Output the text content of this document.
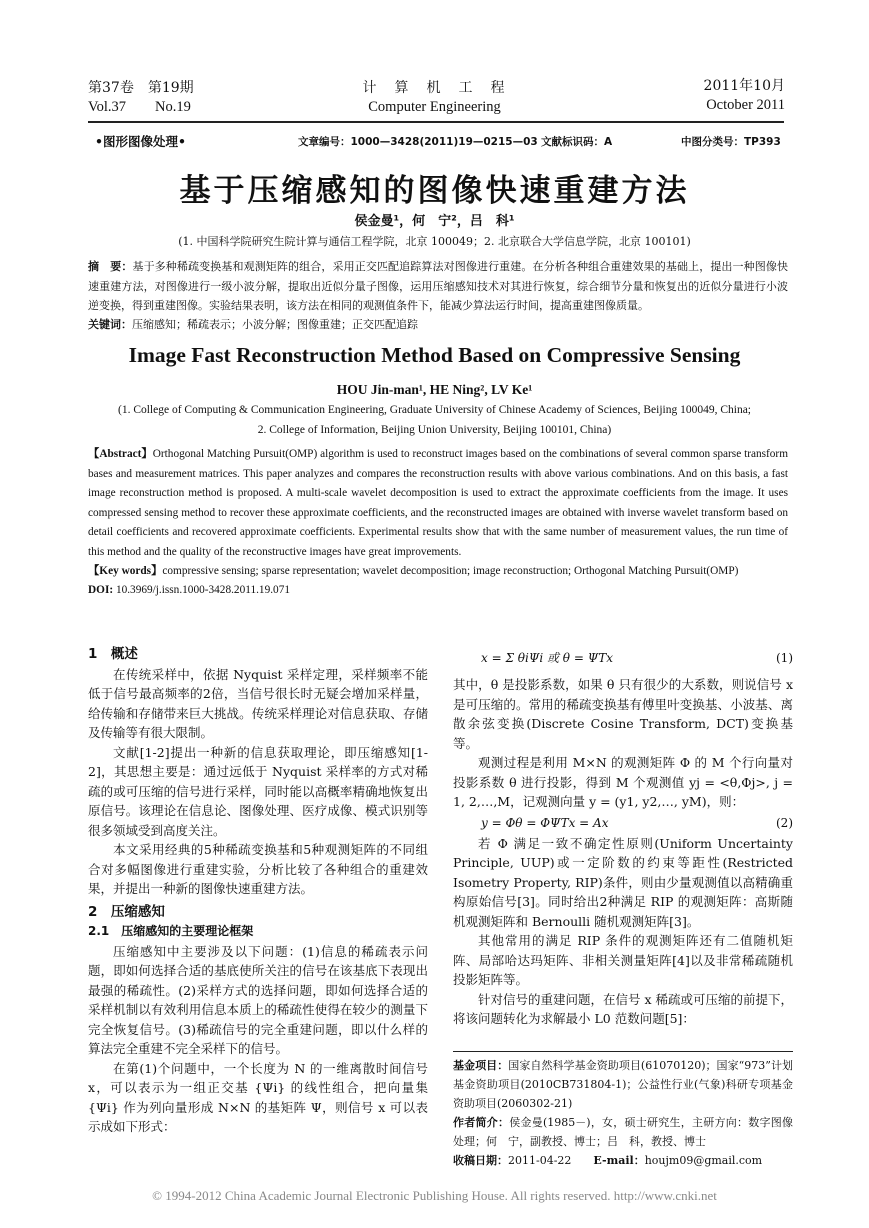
第37卷　第19期
Vol.37　　No.19
计　算　机　工　程
Computer Engineering
2011年10月
October 2011
•图形图像处理•	文章编号：1000—3428(2011)19—0215—03 文献标识码：A	中图分类号：TP393
基于压缩感知的图像快速重建方法
侯金曼¹，何　宁²，吕　科¹
(1. 中国科学院研究生院计算与通信工程学院，北京 100049；2. 北京联合大学信息学院，北京 100101)
摘　要：基于多种稀疏变换基和观测矩阵的组合，采用正交匹配追踪算法对图像进行重建。在分析各种组合重建效果的基础上，提出一种图像快速重建方法，对图像进行一级小波分解，提取出近似分量子图像，运用压缩感知技术对其进行恢复，综合细节分量和恢复出的近似分量进行小波逆变换，得到重建图像。实验结果表明，该方法在相同的观测值条件下，能减少算法运行时间，提高重建图像质量。
关键词：压缩感知；稀疏表示；小波分解；图像重建；正交匹配追踪
Image Fast Reconstruction Method Based on Compressive Sensing
HOU Jin-man¹, HE Ning², LV Ke¹
(1. College of Computing & Communication Engineering, Graduate University of Chinese Academy of Sciences, Beijing 100049, China;
2. College of Information, Beijing Union University, Beijing 100101, China)
【Abstract】Orthogonal Matching Pursuit(OMP) algorithm is used to reconstruct images based on the combinations of several common sparse transform bases and measurement matrices. This paper analyzes and compares the reconstruction results with above various combinations. And on this basis, a fast image reconstruction method is proposed. A multi-scale wavelet decomposition is used to extract the approximate coefficients from the image. It uses compressed sensing method to recover these approximate coefficients, and the reconstructed images are obtained with inverse wavelet transform based on detail coefficients and recovered approximate coefficients. Experimental results show that with the same number of measurement values, the run time of this method and the quality of the reconstructive images have great improvements.
【Key words】compressive sensing; sparse representation; wavelet decomposition; image reconstruction; Orthogonal Matching Pursuit(OMP)
DOI: 10.3969/j.issn.1000-3428.2011.19.071
1　概述

在传统采样中，依据 Nyquist 采样定理，采样频率不能低于信号最高频率的2倍，当信号很长时无疑会增加采样量，给传输和存储带来巨大挑战。传统采样理论对信息获取、存储及传输等有很大限制。

文献[1-2]提出一种新的信息获取理论，即压缩感知[1-2]，其思想主要是：通过远低于 Nyquist 采样率的方式对稀疏的或可压缩的信号进行采样，同时能以高概率精确地恢复出原信号。该理论在信息论、图像处理、医疗成像、模式识别等很多领域受到高度关注。

本文采用经典的5种稀疏变换基和5种观测矩阵的不同组合对多幅图像进行重建实验，分析比较了各种组合的重建效果，并提出一种新的图像快速重建方法。

2　压缩感知
2.1　压缩感知的主要理论框架

压缩感知中主要涉及以下问题：(1)信息的稀疏表示问题，即如何选择合适的基底使所关注的信号在该基底下表现出最强的稀疏性。(2)采样方式的选择问题，即如何选择合适的采样机制以有效利用信息本质上的稀疏性使得在较少的测量下完全恢复信号。(3)稀疏信号的完全重建问题，即以什么样的算法完全重建不完全采样下的信号。

在第(1)个问题中，一个长度为 N 的一维离散时间信号 x，可以表示为一组正交基 {Ψi} 的线性组合，把向量集 {Ψi} 作为列向量形成 N×N 的基矩阵 Ψ，则信号 x 可以表示成如下形式：

x = Σ θiΨi 或 θ = ΨTx	(1)

其中，θ 是投影系数，如果 θ 只有很少的大系数，则说信号 x 是可压缩的。常用的稀疏变换基有傅里叶变换基、小波基、离散余弦变换(Discrete Cosine Transform, DCT)变换基等。

观测过程是利用 M×N 的观测矩阵 Φ 的 M 个行向量对投影系数 θ 进行投影，得到 M 个观测值 yj = <θ,Φj>, j = 1, 2,…,M，记观测向量 y = (y1, y2,…, yM)，则：

y = Φθ = ΦΨTx = Ax	(2)

若 Φ 满足一致不确定性原则(Uniform Uncertainty Principle, UUP)或一定阶数的约束等距性(Restricted Isometry Property, RIP)条件，则由少量观测值以高精确重构原始信号[3]。同时给出2种满足 RIP 的观测矩阵：高斯随机观测矩阵和 Bernoulli 随机观测矩阵[3]。

其他常用的满足 RIP 条件的观测矩阵还有二值随机矩阵、局部哈达玛矩阵、非相关测量矩阵[4]以及非常稀疏随机投影矩阵等。

针对信号的重建问题，在信号 x 稀疏或可压缩的前提下，将该问题转化为求解最小 L0 范数问题[5]：

基金项目：国家自然科学基金资助项目(61070120)；国家“973”计划基金资助项目(2010CB731804-1)；公益性行业(气象)科研专项基金资助项目(2060302-21)
作者简介：侯金曼(1985－)，女，硕士研究生，主研方向：数字图像处理；何　宁，副教授、博士；吕　科，教授、博士
收稿日期：2011-04-22　　 E-mail：houjm09@gmail.com
© 1994-2012 China Academic Journal Electronic Publishing House. All rights reserved. http://www.cnki.net
